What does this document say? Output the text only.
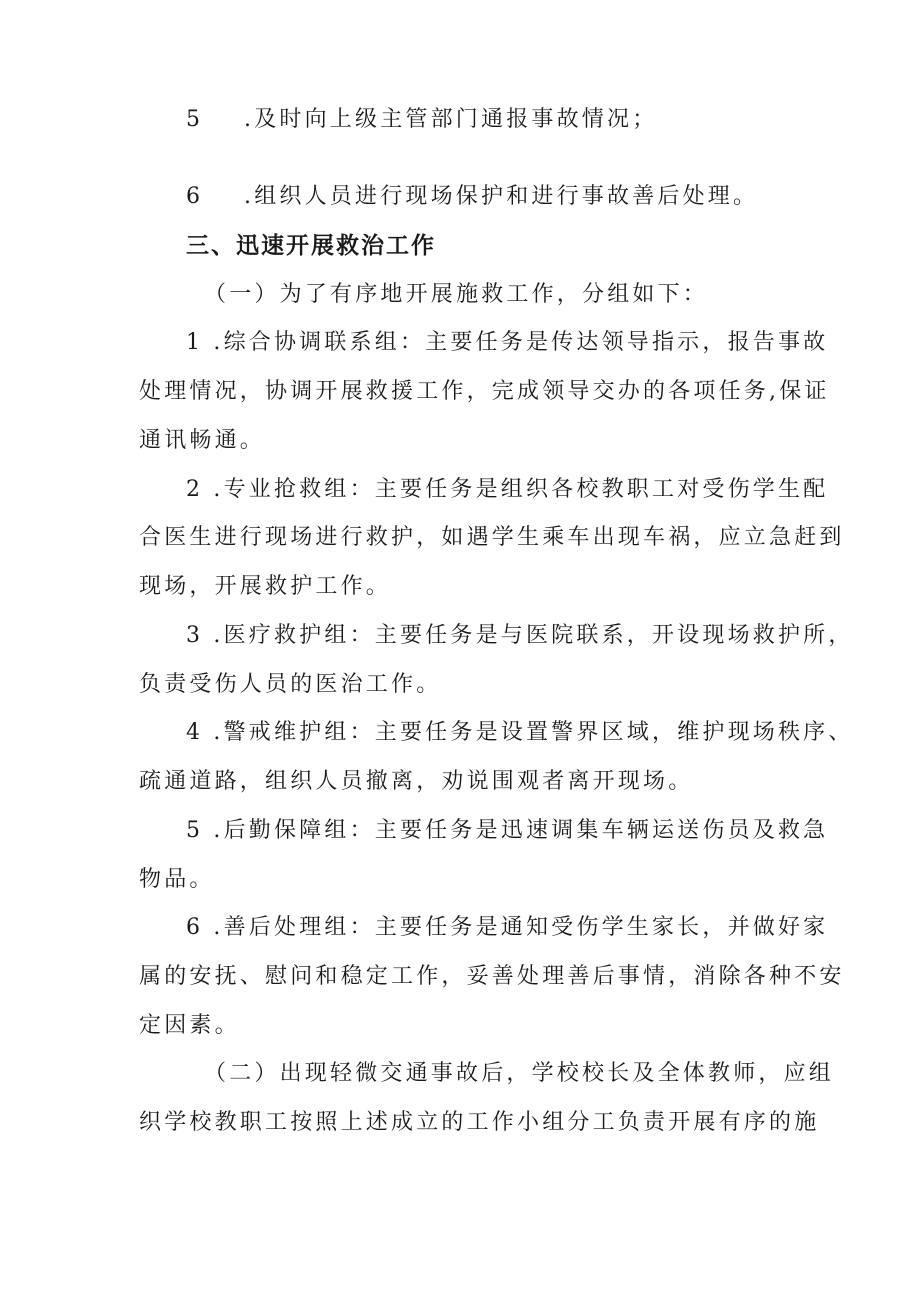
5 .及时向上级主管部门通报事故情况；
6 .组织人员进行现场保护和进行事故善后处理。
三、迅速开展救治工作
（一）为了有序地开展施救工作，分组如下：
1 .综合协调联系组：主要任务是传达领导指示，报告事故
处理情况，协调开展救援工作，完成领导交办的各项任务,保证
通讯畅通。
2 .专业抢救组：主要任务是组织各校教职工对受伤学生配
合医生进行现场进行救护，如遇学生乘车出现车祸，应立急赶到
现场，开展救护工作。
3 .医疗救护组：主要任务是与医院联系，开设现场救护所，
负责受伤人员的医治工作。
4 .警戒维护组：主要任务是设置警界区域，维护现场秩序、
疏通道路，组织人员撤离，劝说围观者离开现场。
5 .后勤保障组：主要任务是迅速调集车辆运送伤员及救急
物品。
6 .善后处理组：主要任务是通知受伤学生家长，并做好家
属的安抚、慰问和稳定工作，妥善处理善后事情，消除各种不安
定因素。
（二）出现轻微交通事故后，学校校长及全体教师，应组
织学校教职工按照上述成立的工作小组分工负责开展有序的施
